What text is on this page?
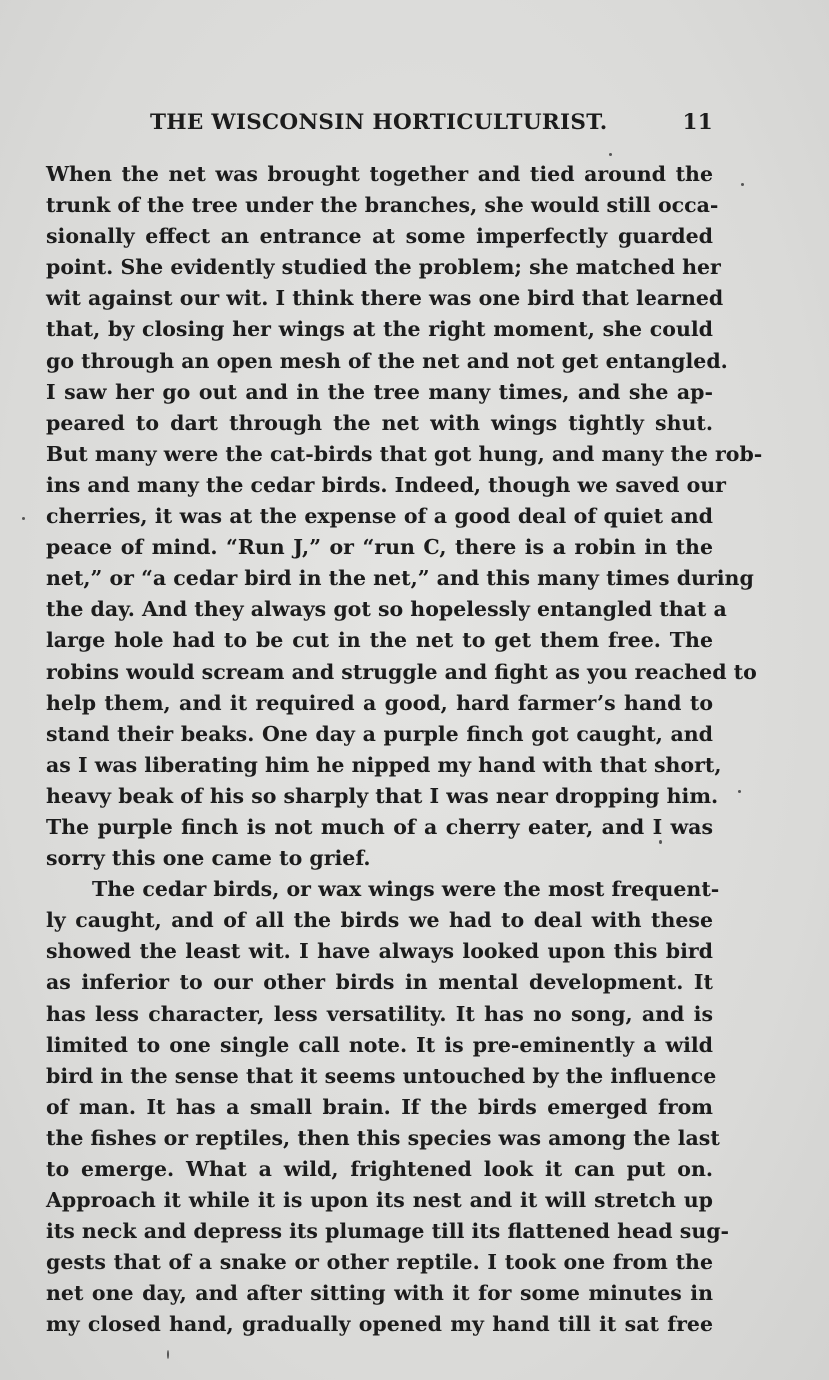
THE WISCONSIN HORTICULTURIST.	11
When the net was brought together and tied around the
trunk of the tree under the branches, she would still occa-
sionally effect an entrance at some imperfectly guarded
point. She evidently studied the problem; she matched her
wit against our wit. I think there was one bird that learned
that, by closing her wings at the right moment, she could
go through an open mesh of the net and not get entangled.
I saw her go out and in the tree many times, and she ap-
peared to dart through the net with wings tightly shut.
But many were the cat-birds that got hung, and many the rob-
ins and many the cedar birds. Indeed, though we saved our
cherries, it was at the expense of a good deal of quiet and
peace of mind. “Run J,” or “run C, there is a robin in the
net,” or “a cedar bird in the net,” and this many times during
the day. And they always got so hopelessly entangled that a
large hole had to be cut in the net to get them free. The
robins would scream and struggle and fight as you reached to
help them, and it required a good, hard farmer’s hand to
stand their beaks. One day a purple finch got caught, and
as I was liberating him he nipped my hand with that short,
heavy beak of his so sharply that I was near dropping him.
The purple finch is not much of a cherry eater, and I was
sorry this one came to grief.
The cedar birds, or wax wings were the most frequent-
ly caught, and of all the birds we had to deal with these
showed the least wit. I have always looked upon this bird
as inferior to our other birds in mental development. It
has less character, less versatility. It has no song, and is
limited to one single call note. It is pre-eminently a wild
bird in the sense that it seems untouched by the influence
of man. It has a small brain. If the birds emerged from
the fishes or reptiles, then this species was among the last
to emerge. What a wild, frightened look it can put on.
Approach it while it is upon its nest and it will stretch up
its neck and depress its plumage till its flattened head sug-
gests that of a snake or other reptile. I took one from the
net one day, and after sitting with it for some minutes in
my closed hand, gradually opened my hand till it sat free
